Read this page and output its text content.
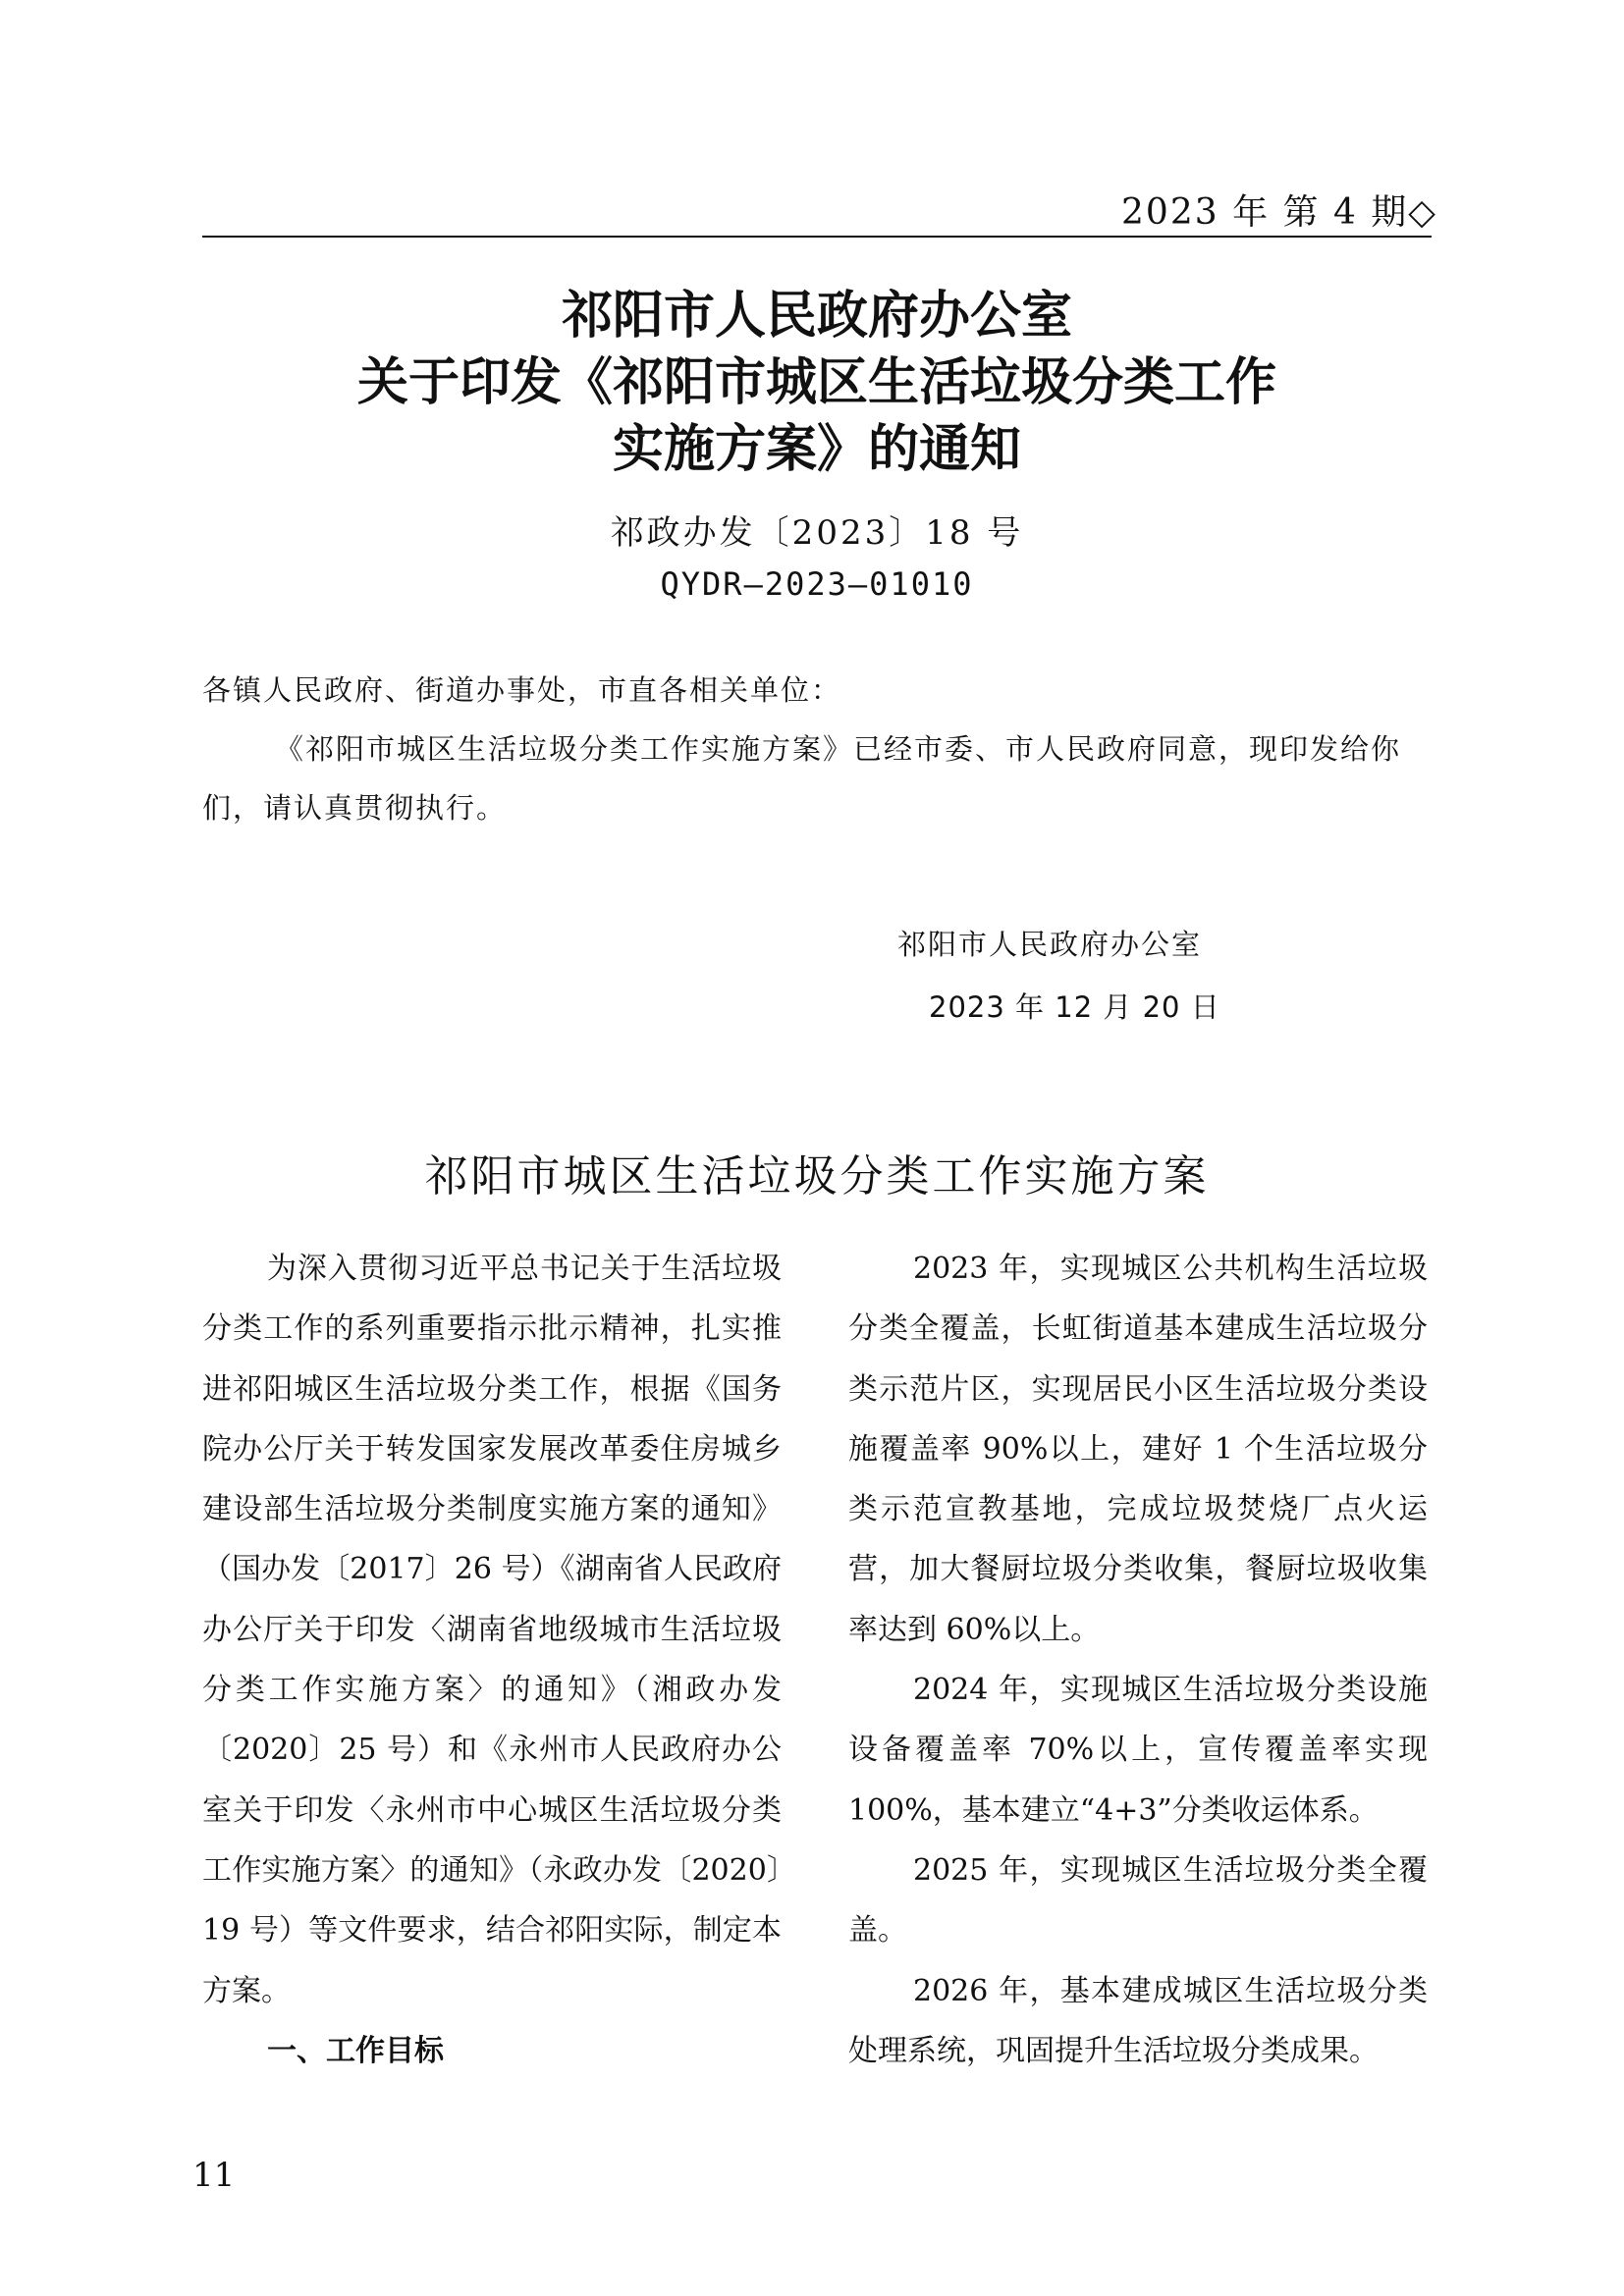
2023 年 第 4 期◇
祁阳市人民政府办公室
关于印发《祁阳市城区生活垃圾分类工作
实施方案》的通知
祁政办发〔2023〕18 号
QYDR—2023—01010
各镇人民政府、街道办事处，市直各相关单位：
《祁阳市城区生活垃圾分类工作实施方案》已经市委、市人民政府同意，现印发给你们，请认真贯彻执行。
祁阳市人民政府办公室
2023 年 12 月 20 日
祁阳市城区生活垃圾分类工作实施方案

为深入贯彻习近平总书记关于生活垃圾分类工作的系列重要指示批示精神，扎实推进祁阳城区生活垃圾分类工作，根据《国务院办公厅关于转发国家发展改革委住房城乡建设部生活垃圾分类制度实施方案的通知》（国办发〔2017〕26 号）《湖南省人民政府办公厅关于印发〈湖南省地级城市生活垃圾分类工作实施方案〉的通知》（湘政办发〔2020〕25 号）和《永州市人民政府办公室关于印发〈永州市中心城区生活垃圾分类工作实施方案〉的通知》（永政办发〔2020〕19 号）等文件要求，结合祁阳实际，制定本方案。

一、工作目标

2023 年，实现城区公共机构生活垃圾分类全覆盖，长虹街道基本建成生活垃圾分类示范片区，实现居民小区生活垃圾分类设施覆盖率 90%以上，建好 1 个生活垃圾分类示范宣教基地，完成垃圾焚烧厂点火运营，加大餐厨垃圾分类收集，餐厨垃圾收集率达到 60%以上。

2024 年，实现城区生活垃圾分类设施设备覆盖率 70%以上，宣传覆盖率实现 100%，基本建立“4+3”分类收运体系。

2025 年，实现城区生活垃圾分类全覆盖。

2026 年，基本建成城区生活垃圾分类处理系统，巩固提升生活垃圾分类成果。

11
